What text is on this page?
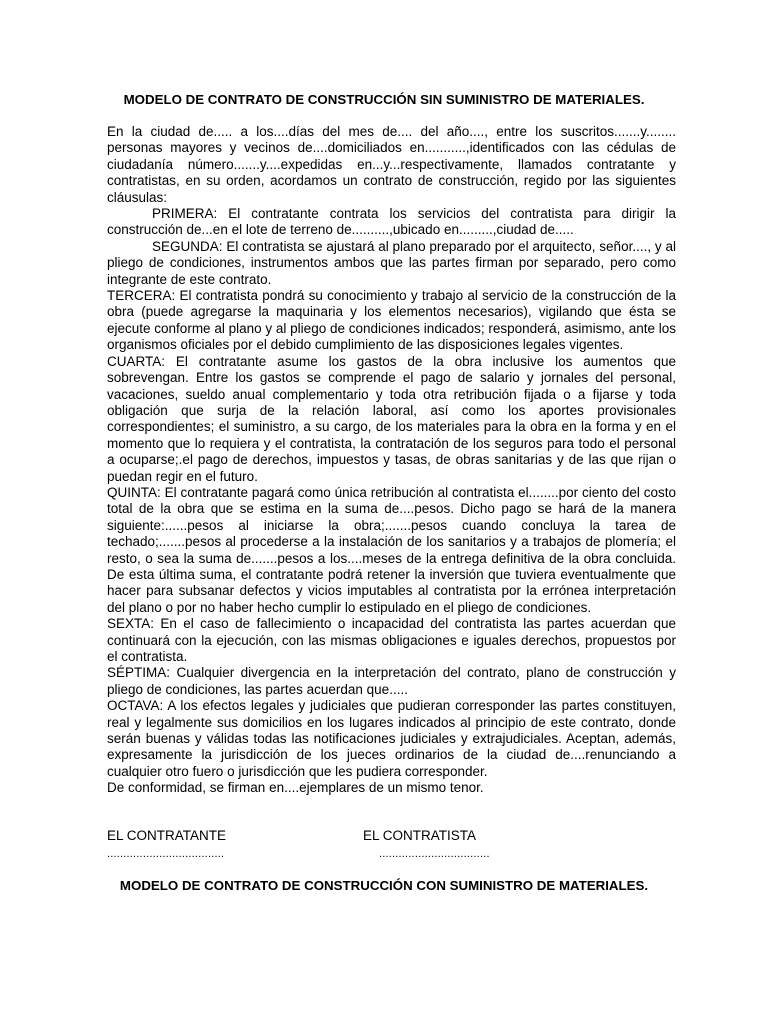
MODELO DE CONTRATO DE CONSTRUCCIÓN SIN SUMINISTRO DE MATERIALES.

En la ciudad de..... a los....días del mes de.... del año...., entre los suscritos.......y........ personas mayores y vecinos de....domiciliados en...........,identificados con las cédulas de ciudadanía número.......y....expedidas en...y...respectivamente, llamados contratante y contratistas, en su orden, acordamos un contrato de construcción, regido por las siguientes cláusulas:

PRIMERA: El contratante contrata los servicios del contratista para dirigir la construcción de...en el lote de terreno de..........,ubicado en.........,ciudad de.....

SEGUNDA: El contratista se ajustará al plano preparado por el arquitecto, señor...., y al pliego de condiciones, instrumentos ambos que las partes firman por separado, pero como integrante de este contrato.

TERCERA: El contratista pondrá su conocimiento y trabajo al servicio de la construcción de la obra (puede agregarse la maquinaria y los elementos necesarios), vigilando que ésta se ejecute conforme al plano y al pliego de condiciones indicados; responderá, asimismo, ante los organismos oficiales por el debido cumplimiento de las disposiciones legales vigentes.

CUARTA: El contratante asume los gastos de la obra inclusive los aumentos que sobrevengan. Entre los gastos se comprende el pago de salario y jornales del personal, vacaciones, sueldo anual complementario y toda otra retribución fijada o a fijarse y toda obligación que surja de la relación laboral, así como los aportes provisionales correspondientes; el suministro, a su cargo, de los materiales para la obra en la forma y en el momento que lo requiera y el contratista, la contratación de los seguros para todo el personal a ocuparse;.el pago de derechos, impuestos y tasas, de obras sanitarias y de las que rijan o puedan regir en el futuro.

QUINTA: El contratante pagará como única retribución al contratista el........por ciento del costo total de la obra que se estima en la suma de....pesos. Dicho pago se hará de la manera siguiente:......pesos al iniciarse la obra;.......pesos cuando concluya la tarea de techado;.......pesos al procederse a la instalación de los sanitarios y a trabajos de plomería; el resto, o sea la suma de.......pesos a los....meses de la entrega definitiva de la obra concluida. De esta última suma, el contratante podrá retener la inversión que tuviera eventualmente que hacer para subsanar defectos y vicios imputables al contratista por la errónea interpretación del plano o por no haber hecho cumplir lo estipulado en el pliego de condiciones.

SEXTA: En el caso de fallecimiento o incapacidad del contratista las partes acuerdan que continuará con la ejecución, con las mismas obligaciones e iguales derechos, propuestos por el contratista.

SÉPTIMA: Cualquier divergencia en la interpretación del contrato, plano de construcción y pliego de condiciones, las partes acuerdan que.....

OCTAVA: A los efectos legales y judiciales que pudieran corresponder las partes constituyen, real y legalmente sus domicilios en los lugares indicados al principio de este contrato, donde serán buenas y válidas todas las notificaciones judiciales y extrajudiciales. Aceptan, además, expresamente la jurisdicción de los jueces ordinarios de la ciudad de....renunciando a cualquier otro fuero o jurisdicción que les pudiera corresponder.

De conformidad, se firman en....ejemplares de un mismo tenor.

EL CONTRATANTE
....................................
EL CONTRATISTA
..................................

MODELO DE CONTRATO DE CONSTRUCCIÓN CON SUMINISTRO DE MATERIALES.
